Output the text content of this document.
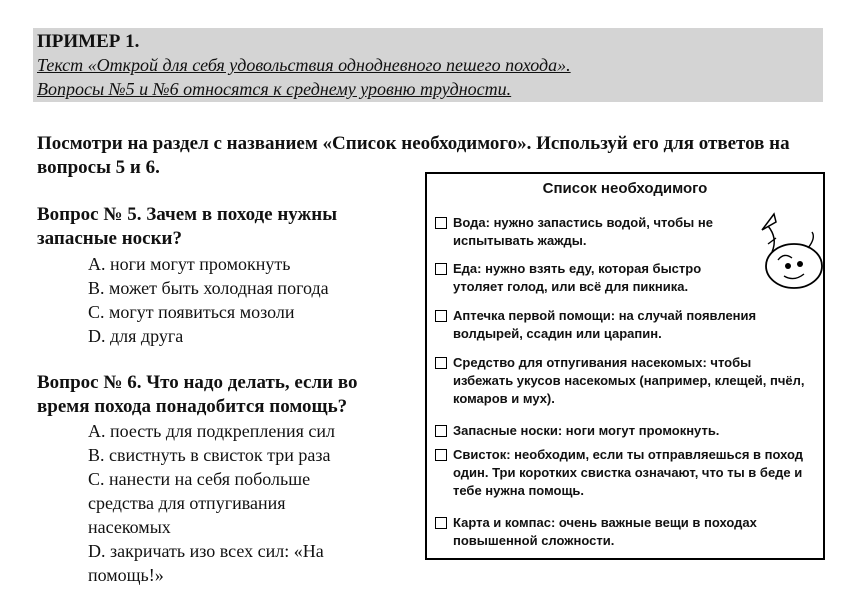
ПРИМЕР 1.
Текст «Открой для себя удовольствия однодневного пешего похода».
Вопросы №5 и №6 относятся к среднему уровню трудности.
Посмотри на раздел с названием «Список необходимого». Используй его для ответов на вопросы 5 и 6.
Вопрос № 5. Зачем в походе нужны запасные носки?
A. ноги могут промокнуть
B. может быть холодная погода
C. могут появиться мозоли
D. для друга
Вопрос № 6. Что надо делать, если во время похода понадобится помощь?
A. поесть для подкрепления сил
B. свистнуть в свисток три раза
C. нанести на себя побольше средства для отпугивания насекомых
D. закричать изо всех сил: «На помощь!»
Список необходимого
Вода: нужно запастись водой, чтобы не испытывать жажды.
Еда: нужно взять еду, которая быстро утоляет голод, или всё для пикника.
Аптечка первой помощи: на случай появления волдырей, ссадин или царапин.
Средство для отпугивания насекомых: чтобы избежать укусов насекомых (например, клещей, пчёл, комаров и мух).
Запасные носки: ноги могут промокнуть.
Свисток: необходим, если ты отправляешься в поход один. Три коротких свистка означают, что ты в беде и тебе нужна помощь.
Карта и компас: очень важные вещи в походах повышенной сложности.
